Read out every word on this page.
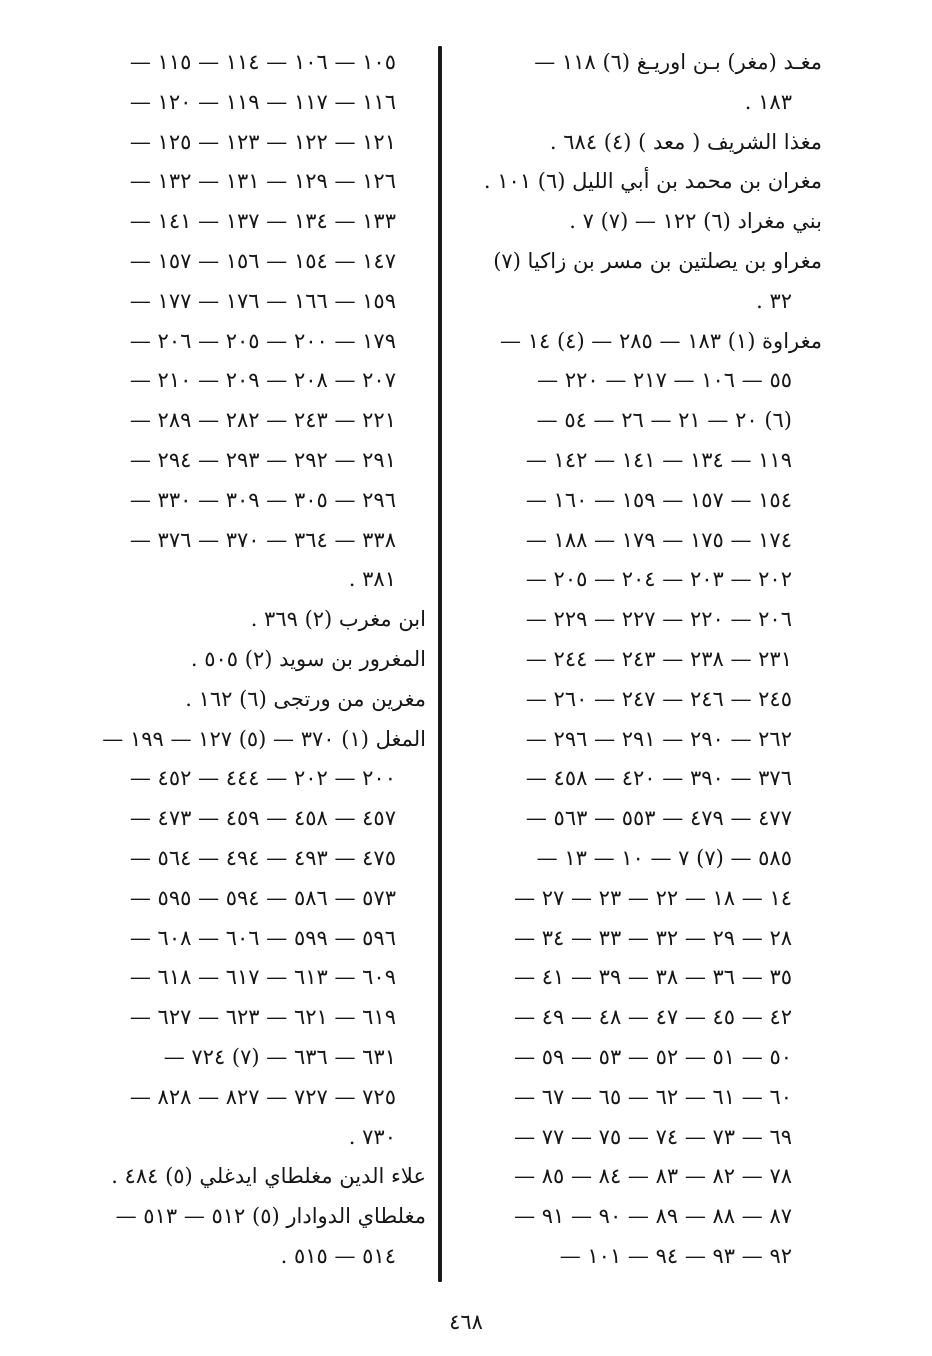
مغـد (مغر) بـن اوريـغ (٦) ١١٨ —
١٨٣ .
مغذا الشريف ( معد ) (٤) ٦٨٤ .
مغران بن محمد بن أبي الليل (٦) ١٠١ .
بني مغراد (٦) ١٢٢ — (٧) ٧ .
مغراو بن يصلتين بن مسر بن زاكيا (٧)
٣٢ .
مغراوة (١) ١٨٣ — ٢٨٥ — (٤) ١٤ —
٥٥ — ١٠٦ — ٢١٧ — ٢٢٠ —
(٦) ٢٠ — ٢١ — ٢٦ — ٥٤ —
١١٩ — ١٣٤ — ١٤١ — ١٤٢ —
١٥٤ — ١٥٧ — ١٥٩ — ١٦٠ —
١٧٤ — ١٧٥ — ١٧٩ — ١٨٨ —
٢٠٢ — ٢٠٣ — ٢٠٤ — ٢٠٥ —
٢٠٦ — ٢٢٠ — ٢٢٧ — ٢٢٩ —
٢٣١ — ٢٣٨ — ٢٤٣ — ٢٤٤ —
٢٤٥ — ٢٤٦ — ٢٤٧ — ٢٦٠ —
٢٦٢ — ٢٩٠ — ٢٩١ — ٢٩٦ —
٣٧٦ — ٣٩٠ — ٤٢٠ — ٤٥٨ —
٤٧٧ — ٤٧٩ — ٥٥٣ — ٥٦٣ —
٥٨٥ — (٧) ٧ — ١٠ — ١٣ —
١٤ — ١٨ — ٢٢ — ٢٣ — ٢٧ —
٢٨ — ٢٩ — ٣٢ — ٣٣ — ٣٤ —
٣٥ — ٣٦ — ٣٨ — ٣٩ — ٤١ —
٤٢ — ٤٥ — ٤٧ — ٤٨ — ٤٩ —
٥٠ — ٥١ — ٥٢ — ٥٣ — ٥٩ —
٦٠ — ٦١ — ٦٢ — ٦٥ — ٦٧ —
٦٩ — ٧٣ — ٧٤ — ٧٥ — ٧٧ —
٧٨ — ٨٢ — ٨٣ — ٨٤ — ٨٥ —
٨٧ — ٨٨ — ٨٩ — ٩٠ — ٩١ —
٩٢ — ٩٣ — ٩٤ — ١٠١ —
١٠٥ — ١٠٦ — ١١٤ — ١١٥ —
١١٦ — ١١٧ — ١١٩ — ١٢٠ —
١٢١ — ١٢٢ — ١٢٣ — ١٢٥ —
١٢٦ — ١٢٩ — ١٣١ — ١٣٢ —
١٣٣ — ١٣٤ — ١٣٧ — ١٤١ —
١٤٧ — ١٥٤ — ١٥٦ — ١٥٧ —
١٥٩ — ١٦٦ — ١٧٦ — ١٧٧ —
١٧٩ — ٢٠٠ — ٢٠٥ — ٢٠٦ —
٢٠٧ — ٢٠٨ — ٢٠٩ — ٢١٠ —
٢٢١ — ٢٤٣ — ٢٨٢ — ٢٨٩ —
٢٩١ — ٢٩٢ — ٢٩٣ — ٢٩٤ —
٢٩٦ — ٣٠٥ — ٣٠٩ — ٣٣٠ —
٣٣٨ — ٣٦٤ — ٣٧٠ — ٣٧٦ —
٣٨١ .
ابن مغرب (٢) ٣٦٩ .
المغرور بن سويد (٢) ٥٠٥ .
مغرين من ورتجى (٦) ١٦٢ .
المغل (١) ٣٧٠ — (٥) ١٢٧ — ١٩٩ —
٢٠٠ — ٢٠٢ — ٤٤٤ — ٤٥٢ —
٤٥٧ — ٤٥٨ — ٤٥٩ — ٤٧٣ —
٤٧٥ — ٤٩٣ — ٤٩٤ — ٥٦٤ —
٥٧٣ — ٥٨٦ — ٥٩٤ — ٥٩٥ —
٥٩٦ — ٥٩٩ — ٦٠٦ — ٦٠٨ —
٦٠٩ — ٦١٣ — ٦١٧ — ٦١٨ —
٦١٩ — ٦٢١ — ٦٢٣ — ٦٢٧ —
٦٣١ — ٦٣٦ — (٧) ٧٢٤ —
٧٢٥ — ٧٢٧ — ٨٢٧ — ٨٢٨ —
٧٣٠ .
علاء الدين مغلطاي ايدغلي (٥) ٤٨٤ .
مغلطاي الدوادار (٥) ٥١٢ — ٥١٣ —
٥١٤ — ٥١٥ .
٤٦٨
